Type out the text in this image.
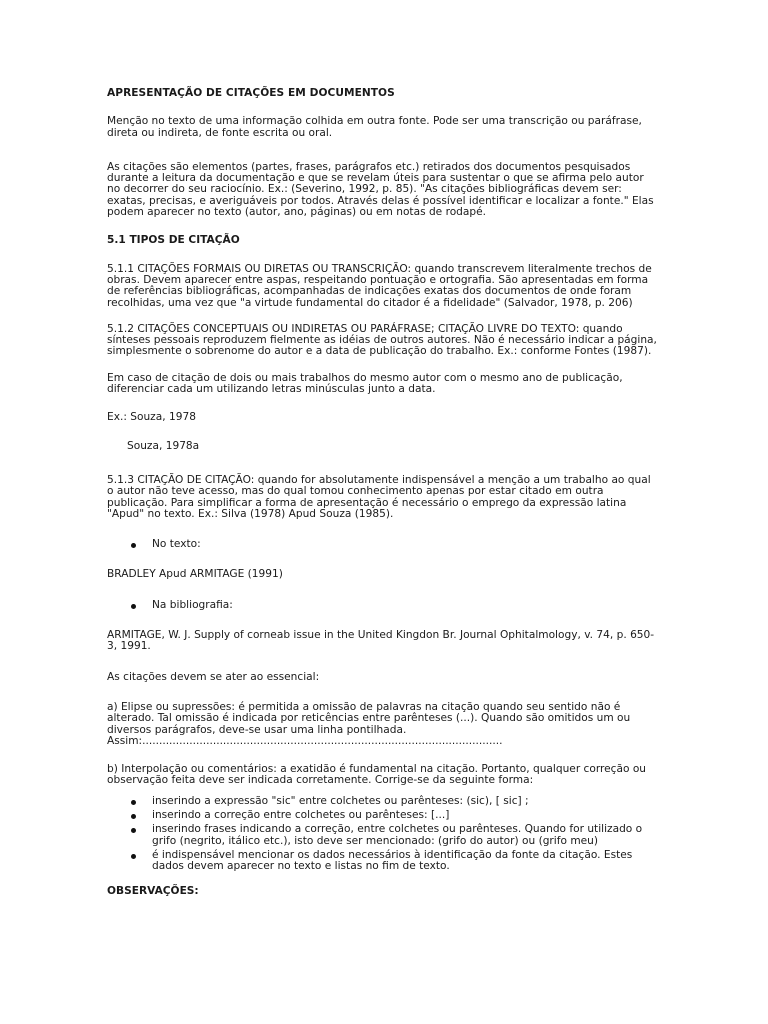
APRESENTAÇÃO DE CITAÇÕES EM DOCUMENTOS

Menção no texto de uma informação colhida em outra fonte. Pode ser uma transcrição ou paráfrase, direta ou indireta, de fonte escrita ou oral.

As citações são elementos (partes, frases, parágrafos etc.) retirados dos documentos pesquisados durante a leitura da documentação e que se revelam úteis para sustentar o que se afirma pelo autor no decorrer do seu raciocínio. Ex.: (Severino, 1992, p. 85). "As citações bibliográficas devem ser: exatas, precisas, e averiguáveis por todos. Através delas é possível identificar e localizar a fonte." Elas podem aparecer no texto (autor, ano, páginas) ou em notas de rodapé.

5.1 TIPOS DE CITAÇÃO

5.1.1 CITAÇÕES FORMAIS OU DIRETAS OU TRANSCRIÇÃO: quando transcrevem literalmente trechos de obras. Devem aparecer entre aspas, respeitando pontuação e ortografia. São apresentadas em forma de referências bibliográficas, acompanhadas de indicações exatas dos documentos de onde foram recolhidas, uma vez que "a virtude fundamental do citador é a fidelidade" (Salvador, 1978, p. 206)

5.1.2 CITAÇÕES CONCEPTUAIS OU INDIRETAS OU PARÁFRASE; CITAÇÃO LIVRE DO TEXTO: quando sínteses pessoais reproduzem fielmente as idéias de outros autores. Não é necessário indicar a página, simplesmente o sobrenome do autor e a data de publicação do trabalho. Ex.: conforme Fontes (1987).

Em caso de citação de dois ou mais trabalhos do mesmo autor com o mesmo ano de publicação, diferenciar cada um utilizando letras minúsculas junto a data.

Ex.: Souza, 1978

Souza, 1978a

5.1.3 CITAÇÃO DE CITAÇÃO: quando for absolutamente indispensável a menção a um trabalho ao qual o autor não teve acesso, mas do qual tomou conhecimento apenas por estar citado em outra publicação. Para simplificar a forma de apresentação é necessário o emprego da expressão latina "Apud" no texto. Ex.: Silva (1978) Apud Souza (1985).

No texto:

BRADLEY Apud ARMITAGE (1991)

Na bibliografia:

ARMITAGE, W. J. Supply of corneab issue in the United Kingdon Br. Journal Ophitalmology, v. 74, p. 650-3, 1991.

As citações devem se ater ao essencial:

a) Elipse ou supressões: é permitida a omissão de palavras na citação quando seu sentido não é alterado. Tal omissão é indicada por reticências entre parênteses (...). Quando são omitidos um ou diversos parágrafos, deve-se usar uma linha pontilhada. Assim:...........................................................................................................

b) Interpolação ou comentários: a exatidão é fundamental na citação. Portanto, qualquer correção ou observação feita deve ser indicada corretamente. Corrige-se da seguinte forma:

inserindo a expressão "sic" entre colchetes ou parênteses: (sic), [ sic] ;
inserindo a correção entre colchetes ou parênteses: [...]
inserindo frases indicando a correção, entre colchetes ou parênteses. Quando for utilizado o grifo (negrito, itálico etc.), isto deve ser mencionado: (grifo do autor) ou (grifo meu)
é indispensável mencionar os dados necessários à identificação da fonte da citação. Estes dados devem aparecer no texto e listas no fim de texto.

OBSERVAÇÕES:
